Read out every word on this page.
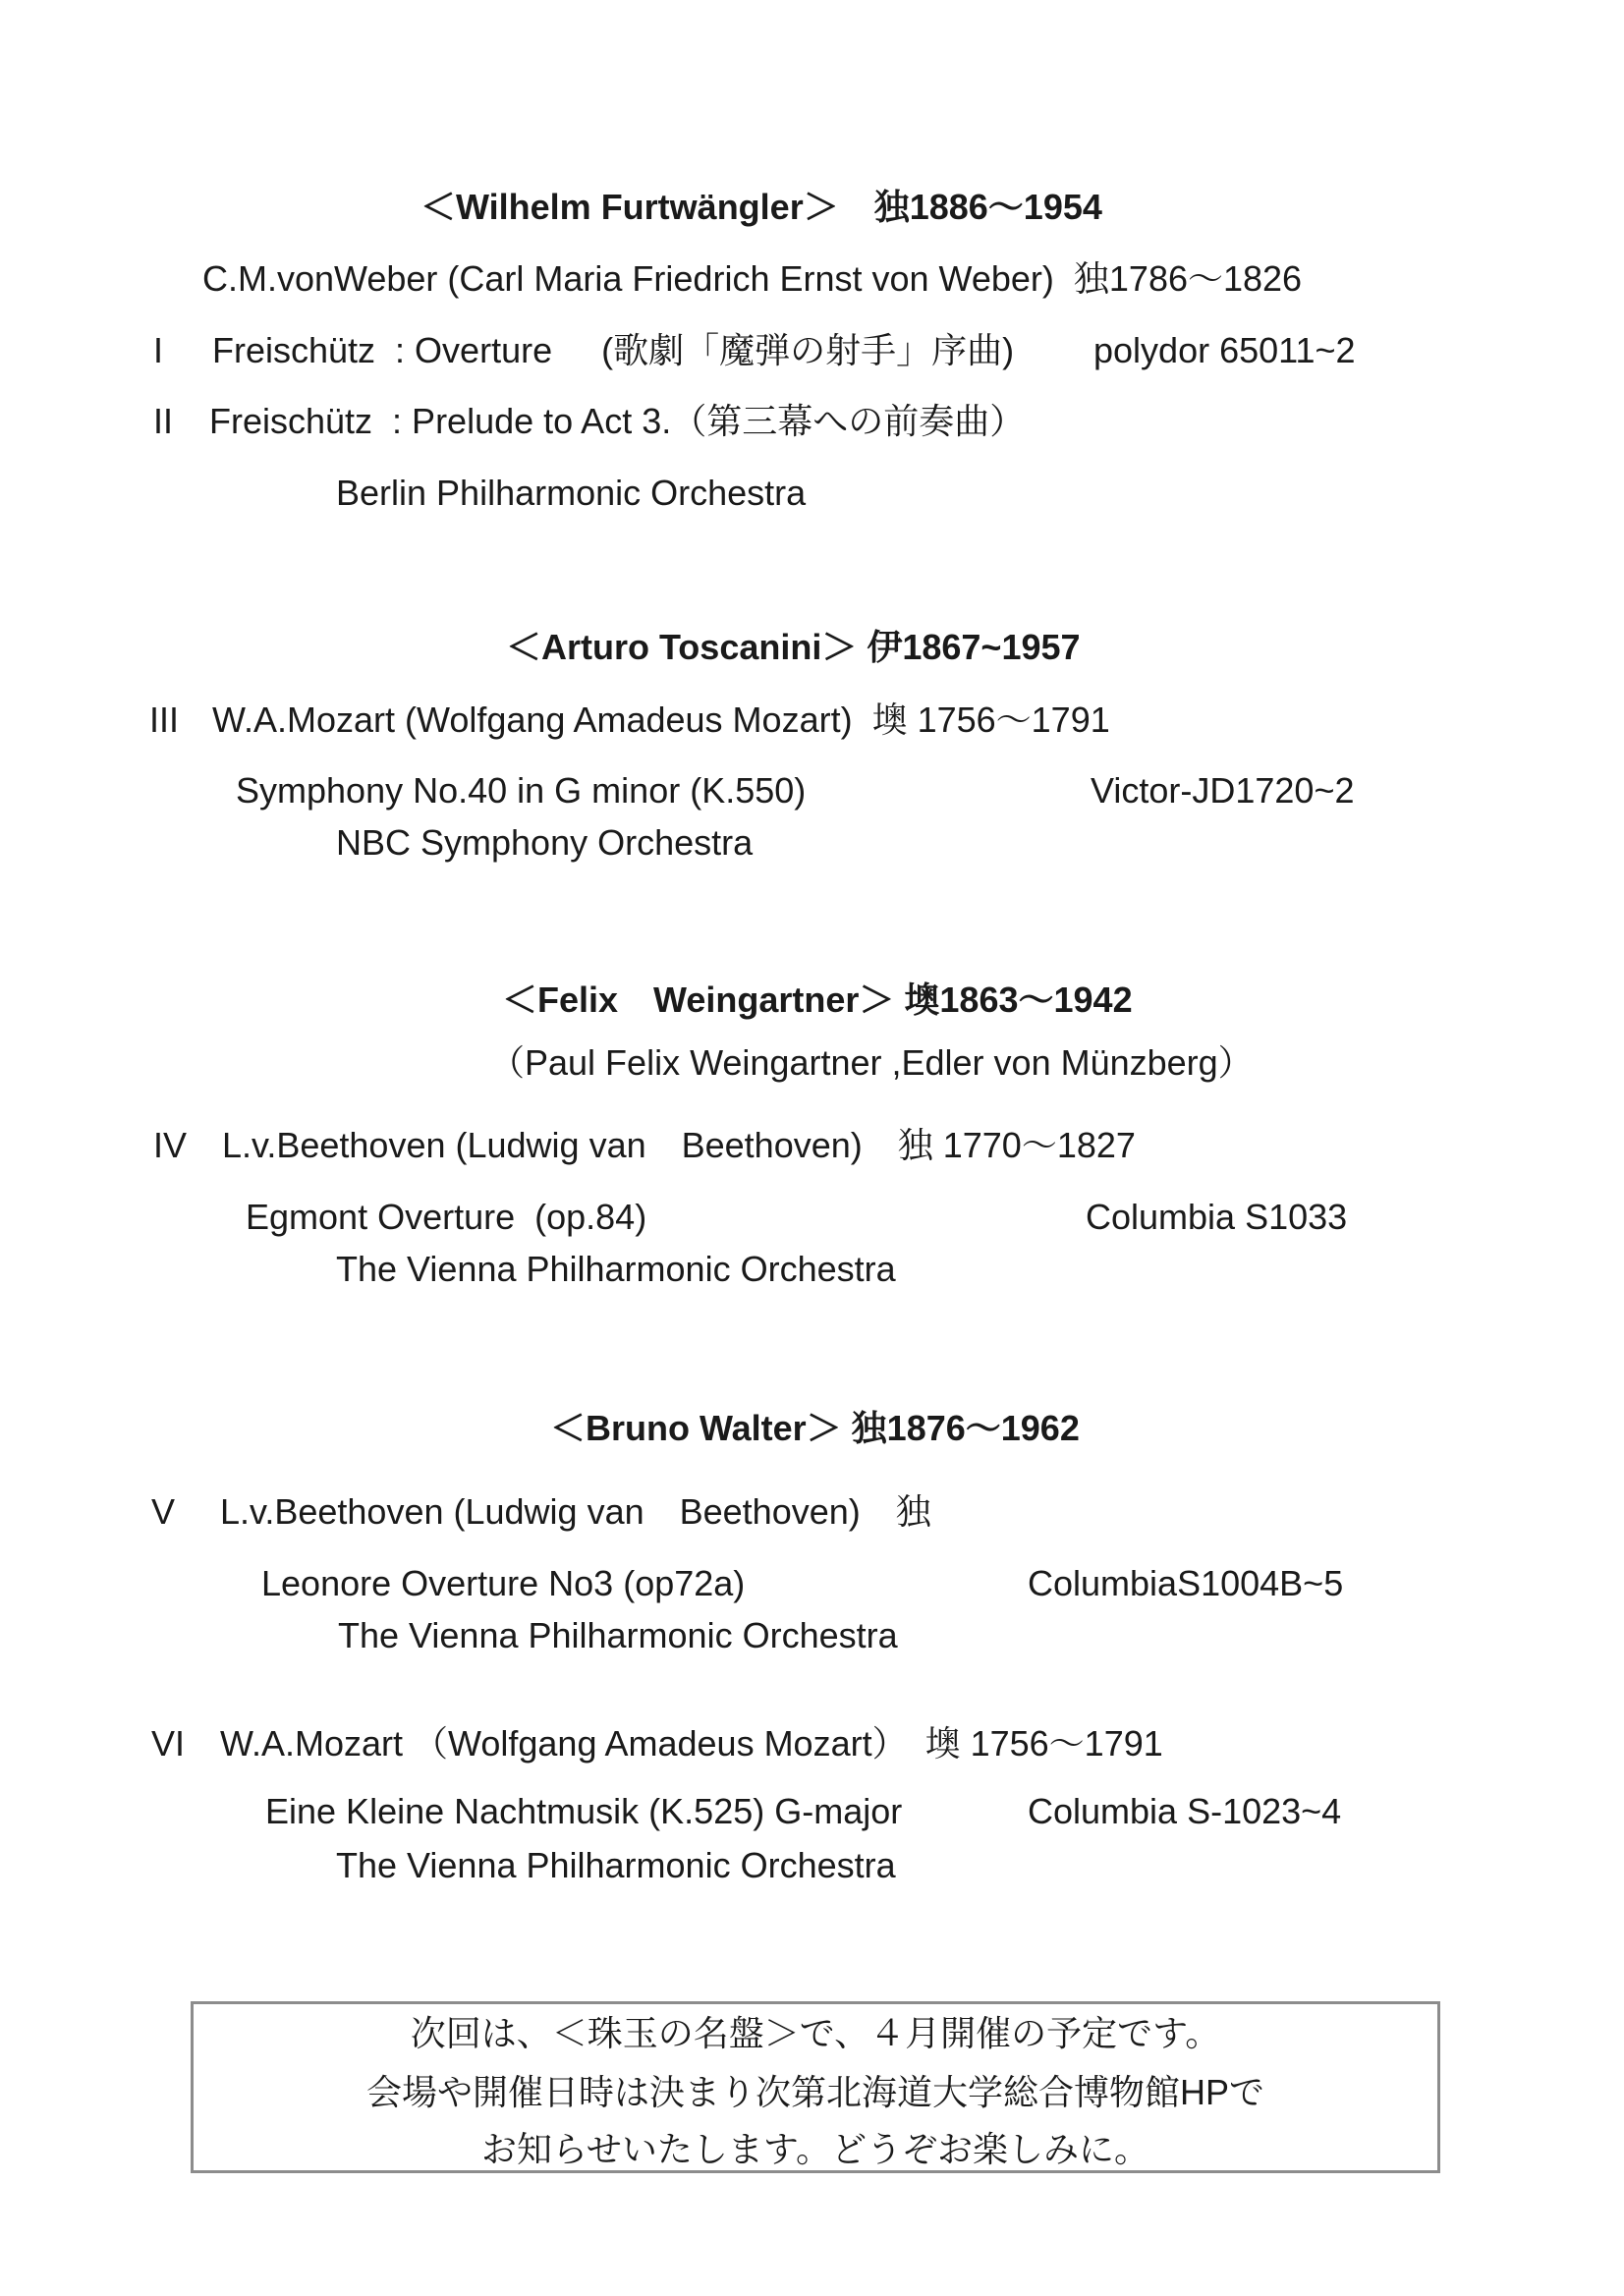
＜Wilhelm Furtwängler＞　独1886〜1954
C.M.vonWeber (Carl Maria Friedrich Ernst von Weber)  独1786〜1826
I Freischütz  : Overture     (歌劇「魔弾の射手」序曲) polydor 65011~2
II Freischütz  : Prelude to Act 3.（第三幕への前奏曲）
Berlin Philharmonic Orchestra
＜Arturo Toscanini＞ 伊1867~1957
III W.A.Mozart (Wolfgang Amadeus Mozart)  墺 1756〜1791
Symphony No.40 in G minor (K.550)	Victor-JD1720~2
NBC Symphony Orchestra
＜Felix　Weingartner＞ 墺1863〜1942
（Paul Felix Weingartner ,Edler von Münzberg）
IV L.v.Beethoven (Ludwig van　Beethoven)　独 1770〜1827
Egmont Overture  (op.84)	Columbia S1033
The Vienna Philharmonic Orchestra
＜Bruno Walter＞ 独1876〜1962
V L.v.Beethoven (Ludwig van　Beethoven)　独
Leonore Overture No3 (op72a)	ColumbiaS1004B~5
The Vienna Philharmonic Orchestra
VI W.A.Mozart （Wolfgang Amadeus Mozart）　墺 1756〜1791
Eine Kleine Nachtmusik (K.525) G-major	Columbia S-1023~4
The Vienna Philharmonic Orchestra
次回は、＜珠玉の名盤＞で、４月開催の予定です。
会場や開催日時は決まり次第北海道大学総合博物館HPで
お知らせいたします。どうぞお楽しみに。
